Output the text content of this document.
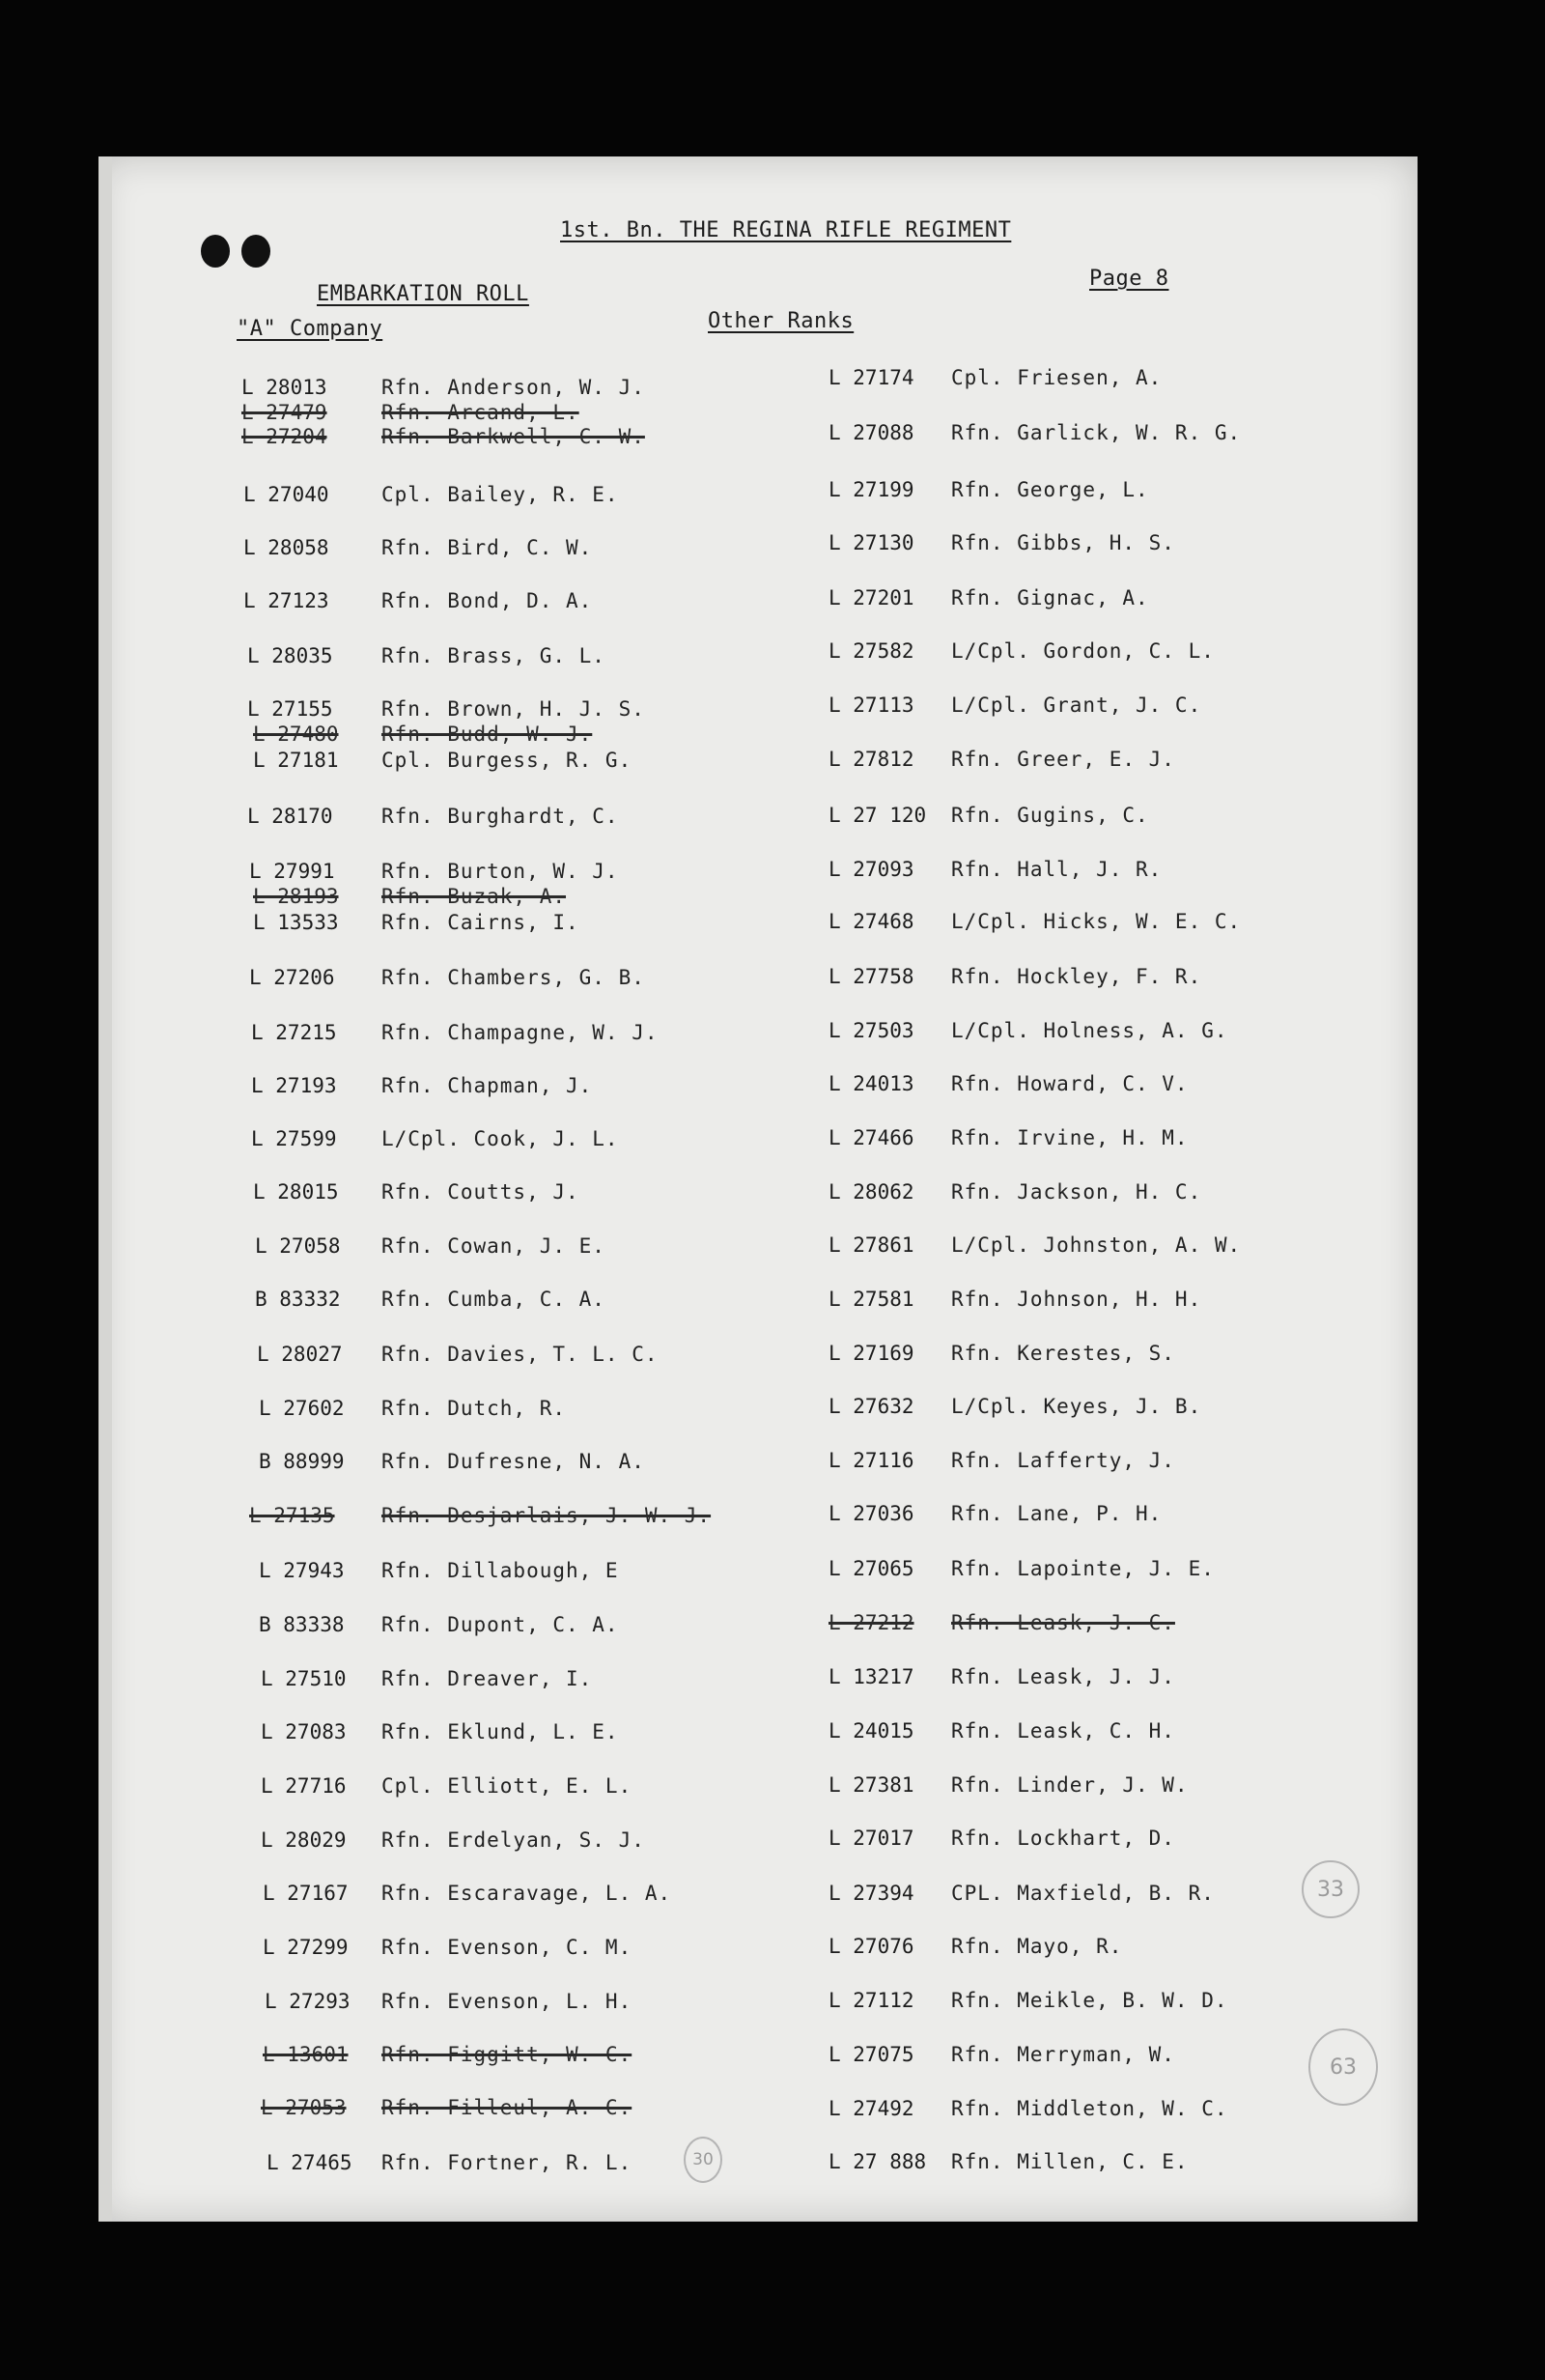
1st. Bn. THE REGINA RIFLE REGIMENT
EMBARKATION ROLL
Page 8
"A" Company	Other Ranks
L 28013	Rfn. Anderson, W. J.
L 27479	Rfn. Arcand, L.
L 27204	Rfn. Barkwell, C. W.
L 27040	Cpl. Bailey, R. E.
L 28058	Rfn. Bird, C. W.
L 27123	Rfn. Bond, D. A.
L 28035 Rfn. Brass, G. L.
L 27155 Rfn. Brown, H. J. S.
L 27480 Rfn. Budd, W. J.
L 27181 Cpl. Burgess, R. G.
L 28170 Rfn. Burghardt, C.
L 27991 Rfn. Burton, W. J.
L 28193 Rfn. Buzak, A.
L 13533 Rfn. Cairns, I.
L 27206 Rfn. Chambers, G. B.
L 27215 Rfn. Champagne, W. J.
L 27193 Rfn. Chapman, J.
L 27599 L/Cpl. Cook, J. L.
L 28015 Rfn. Coutts, J.
L 27058 Rfn. Cowan, J. E.
B 83332 Rfn. Cumba, C. A.
L 28027 Rfn. Davies, T. L. C.
L 27602 Rfn. Dutch, R.
B 88999 Rfn. Dufresne, N. A.
L 27135 Rfn. Desjarlais, J. W. J.
L 27943 Rfn. Dillabough, E
B 83338 Rfn. Dupont, C. A.
L 27510 Rfn. Dreaver, I.
L 27083 Rfn. Eklund, L. E.
L 27716 Cpl. Elliott, E. L.
L 28029 Rfn. Erdelyan, S. J.
L 27167 Rfn. Escaravage, L. A.
L 27299 Rfn. Evenson, C. M.
L 27293 Rfn. Evenson, L. H.
L 13601 Rfn. Figgitt, W. C.
L 27053 Rfn. Filleul, A. C.
L 27465 Rfn. Fortner, R. L.
L 27174 Cpl. Friesen, A.
L 27088 Rfn. Garlick, W. R. G.
L 27199 Rfn. George, L.
L 27130 Rfn. Gibbs, H. S.
L 27201 Rfn. Gignac, A.
L 27582 L/Cpl. Gordon, C. L.
L 27113 L/Cpl. Grant, J. C.
L 27812 Rfn. Greer, E. J.
L 27 120 Rfn. Gugins, C.
L 27093 Rfn. Hall, J. R.
L 27468 L/Cpl. Hicks, W. E. C.
L 27758 Rfn. Hockley, F. R.
L 27503 L/Cpl. Holness, A. G.
L 24013 Rfn. Howard, C. V.
L 27466 Rfn. Irvine, H. M.
L 28062 Rfn. Jackson, H. C.
L 27861 L/Cpl. Johnston, A. W.
L 27581 Rfn. Johnson, H. H.
L 27169 Rfn. Kerestes, S.
L 27632 L/Cpl. Keyes, J. B.
L 27116 Rfn. Lafferty, J.
L 27036 Rfn. Lane, P. H.
L 27065 Rfn. Lapointe, J. E.
L 27212 Rfn. Leask, J. C.
L 13217 Rfn. Leask, J. J.
L 24015 Rfn. Leask, C. H.
L 27381 Rfn. Linder, J. W.
L 27017 Rfn. Lockhart, D.
L 27394 CPL. Maxfield, B. R.
L 27076 Rfn. Mayo, R.
L 27112 Rfn. Meikle, B. W. D.
L 27075 Rfn. Merryman, W.
L 27492 Rfn. Middleton, W. C.
L 27 888 Rfn. Millen, C. E.
33
63
30
